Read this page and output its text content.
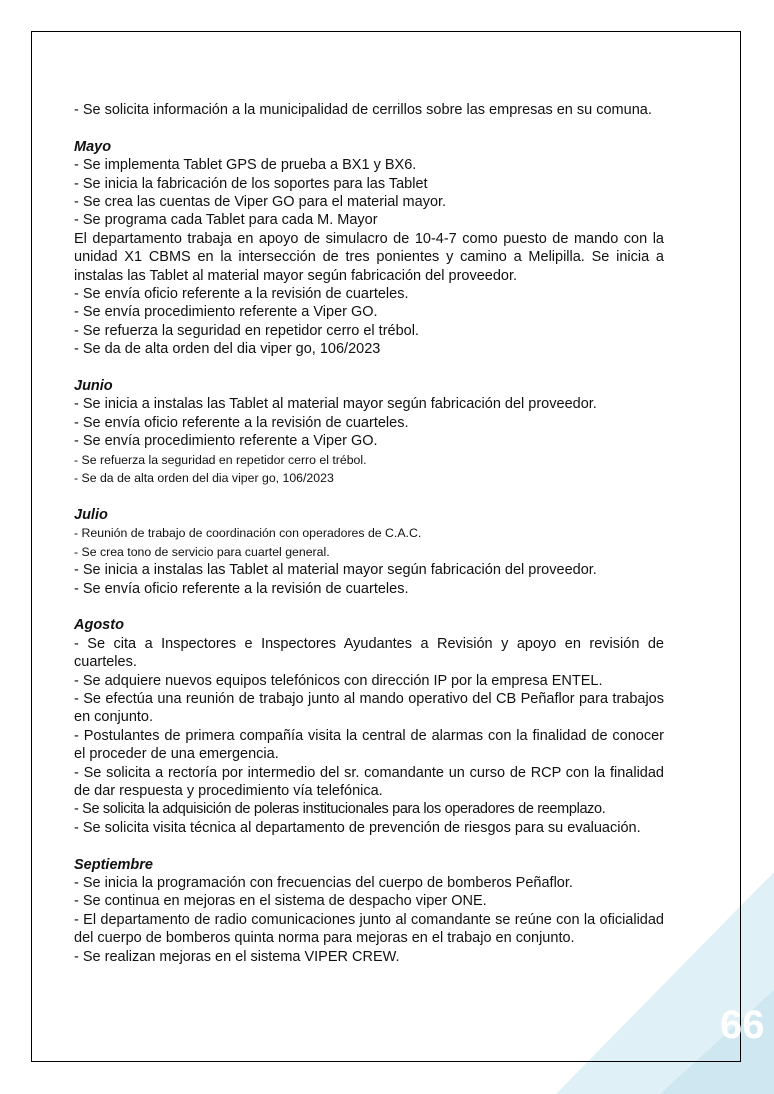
- Se solicita información a la municipalidad de cerrillos sobre las empresas en su comuna.

Mayo

- Se implementa Tablet GPS de prueba a BX1 y BX6.

- Se inicia la fabricación de los soportes para las Tablet

- Se crea las cuentas de Viper GO para el material mayor.

- Se programa cada Tablet para cada M. Mayor

El departamento trabaja en apoyo de simulacro de 10-4-7 como puesto de mando con la unidad X1 CBMS en la intersección de tres ponientes y camino a Melipilla. Se inicia a instalas las Tablet al material mayor según fabricación del proveedor.

- Se envía oficio referente a la revisión de cuarteles.

- Se envía procedimiento referente a Viper GO.

- Se refuerza la seguridad en repetidor cerro el trébol.

- Se da de alta orden del dia viper go, 106/2023

Junio

- Se inicia a instalas las Tablet al material mayor según fabricación del proveedor.

- Se envía oficio referente a la revisión de cuarteles.

- Se envía procedimiento referente a Viper GO.

- Se refuerza la seguridad en repetidor cerro el trébol.

- Se da de alta orden del dia viper go, 106/2023

Julio

- Reunión de trabajo de coordinación con operadores de C.A.C.

- Se crea tono de servicio para cuartel general.

- Se inicia a instalas las Tablet al material mayor según fabricación del proveedor.

- Se envía oficio referente a la revisión de cuarteles.

Agosto

- Se cita a Inspectores e Inspectores Ayudantes a Revisión y apoyo en revisión de cuarteles.

- Se adquiere nuevos equipos telefónicos con dirección IP por la empresa ENTEL.

- Se efectúa una reunión de trabajo junto al mando operativo del CB Peñaflor para trabajos en conjunto.

- Postulantes de primera compañía visita la central de alarmas con la finalidad de conocer el proceder de una emergencia.

- Se solicita a rectoría por intermedio del sr. comandante un curso de RCP con la finalidad de dar respuesta y procedimiento vía telefónica.

- Se solicita la adquisición de poleras institucionales para los operadores de reemplazo.

- Se solicita visita técnica al departamento de prevención de riesgos para su evaluación.

Septiembre

- Se inicia la programación con frecuencias del cuerpo de bomberos Peñaflor.

- Se continua en mejoras en el sistema de despacho viper ONE.

- El departamento de radio comunicaciones junto al comandante se reúne con la oficialidad del cuerpo de bomberos quinta norma para mejoras en el trabajo en conjunto.

- Se realizan mejoras en el sistema VIPER CREW.

66
